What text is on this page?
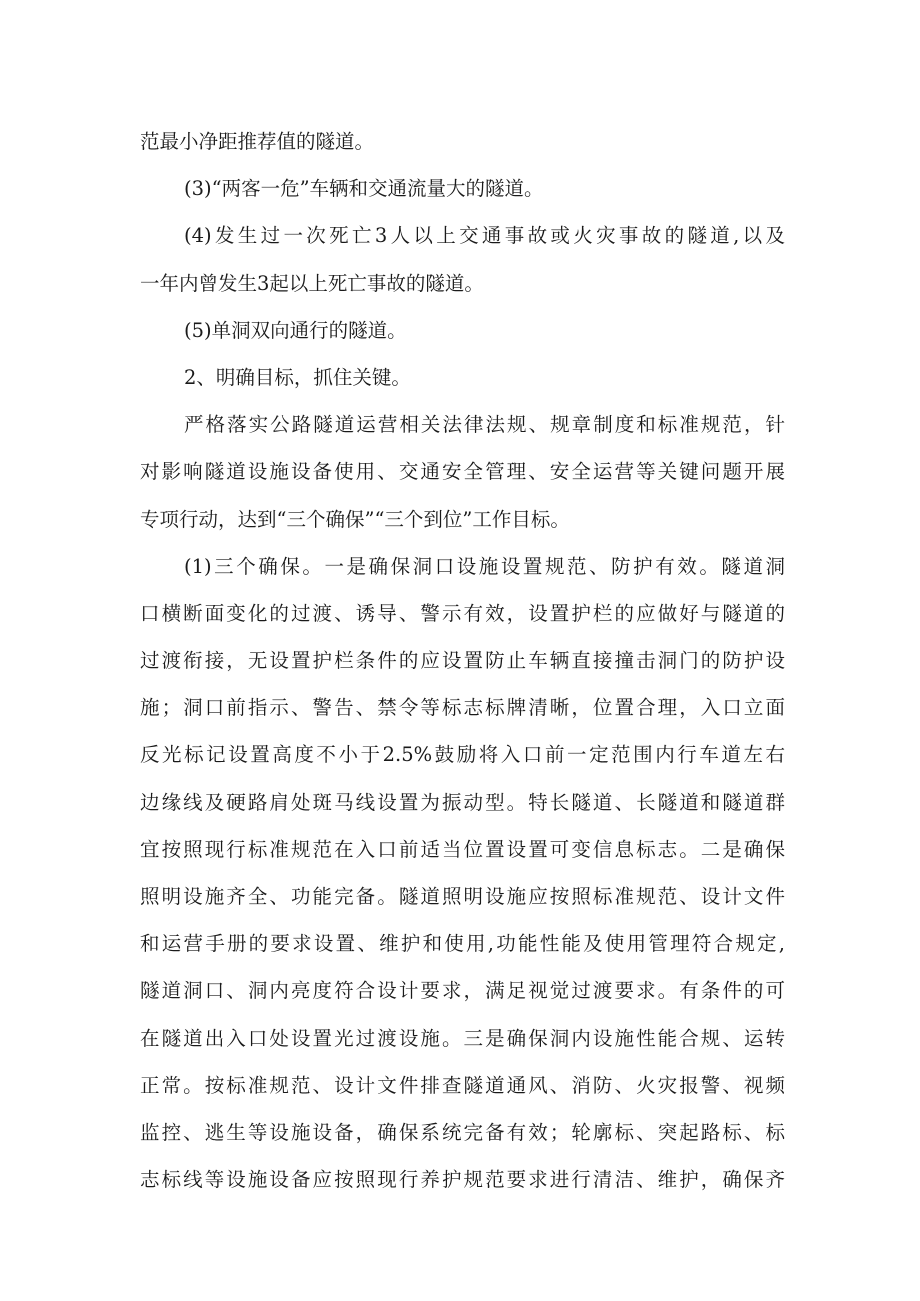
范最小净距推荐值的隧道。
(3)“两客一危”车辆和交通流量大的隧道。
(4)发生过一次死亡3人以上交通事故或火灾事故的隧道,以及
一年内曾发生3起以上死亡事故的隧道。
(5)单洞双向通行的隧道。
2、明确目标，抓住关键。
严格落实公路隧道运营相关法律法规、规章制度和标准规范，针
对影响隧道设施设备使用、交通安全管理、安全运营等关键问题开展
专项行动，达到“三个确保”“三个到位”工作目标。
(1)三个确保。一是确保洞口设施设置规范、防护有效。隧道洞
口横断面变化的过渡、诱导、警示有效，设置护栏的应做好与隧道的
过渡衔接，无设置护栏条件的应设置防止车辆直接撞击洞门的防护设
施；洞口前指示、警告、禁令等标志标牌清晰，位置合理，入口立面
反光标记设置高度不小于2.5%鼓励将入口前一定范围内行车道左右
边缘线及硬路肩处斑马线设置为振动型。特长隧道、长隧道和隧道群
宜按照现行标准规范在入口前适当位置设置可变信息标志。二是确保
照明设施齐全、功能完备。隧道照明设施应按照标准规范、设计文件
和运营手册的要求设置、维护和使用,功能性能及使用管理符合规定,
隧道洞口、洞内亮度符合设计要求，满足视觉过渡要求。有条件的可
在隧道出入口处设置光过渡设施。三是确保洞内设施性能合规、运转
正常。按标准规范、设计文件排查隧道通风、消防、火灾报警、视频
监控、逃生等设施设备，确保系统完备有效；轮廓标、突起路标、标
志标线等设施设备应按照现行养护规范要求进行清洁、维护，确保齐
